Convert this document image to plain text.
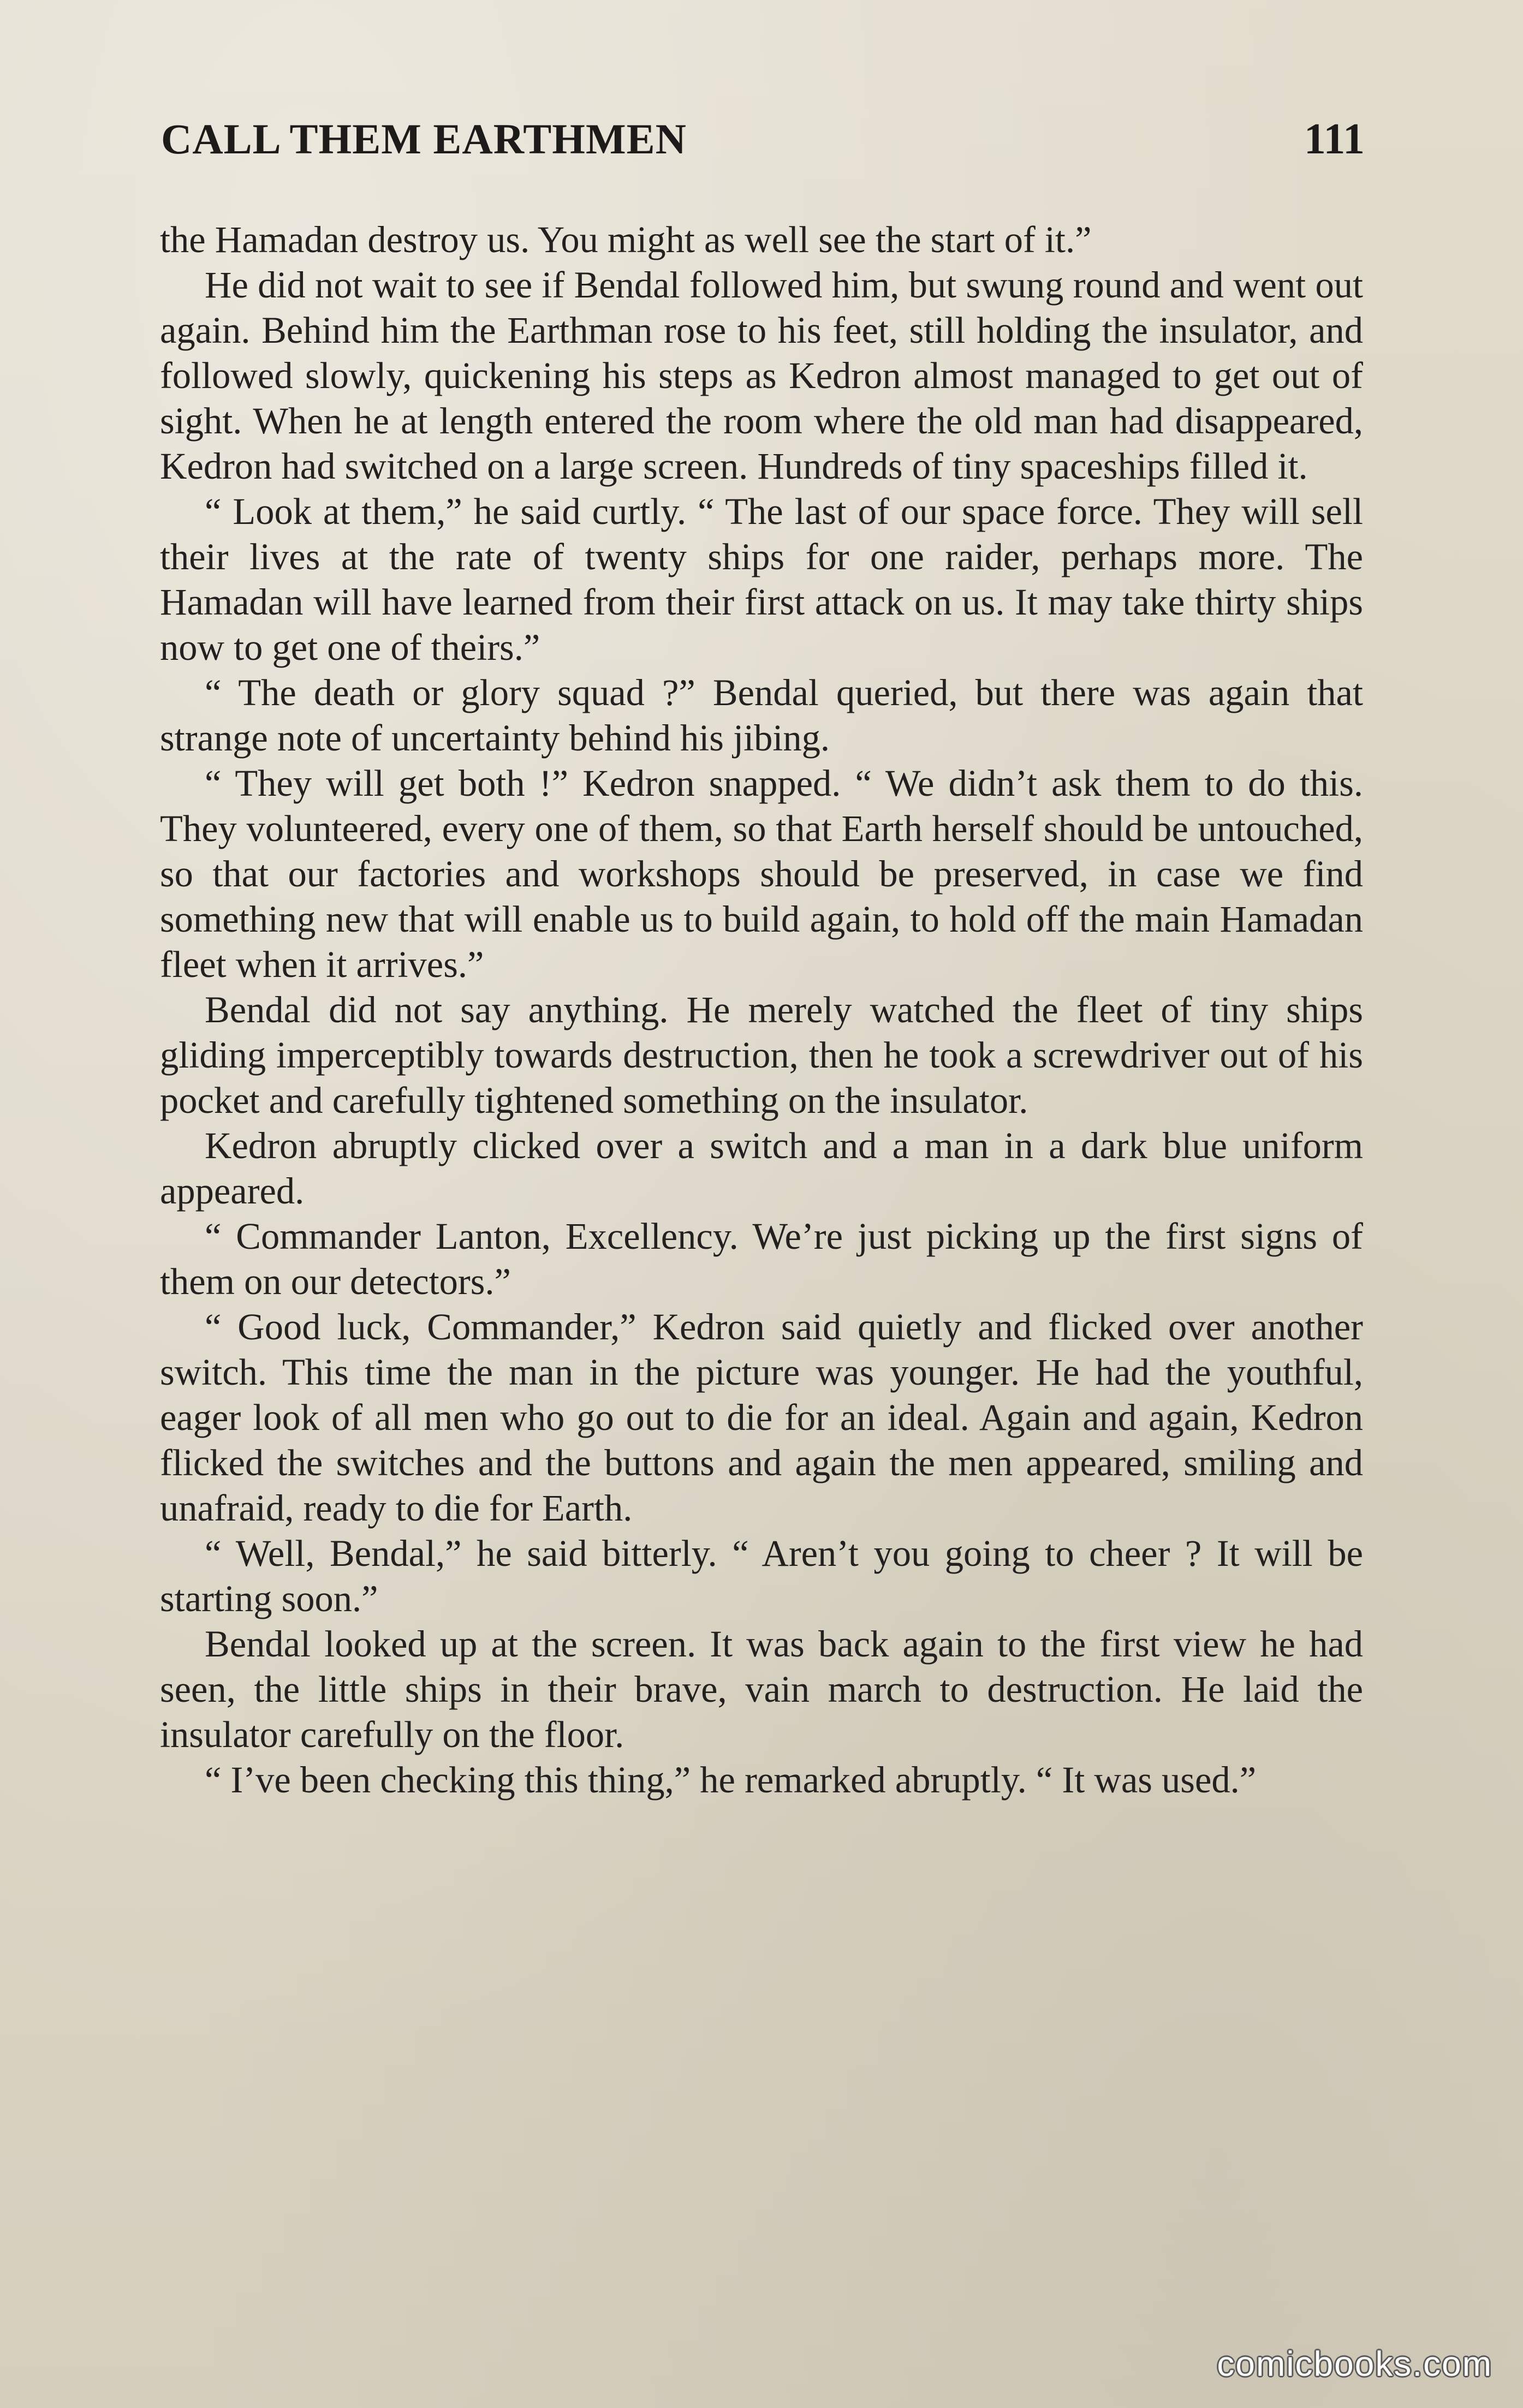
CALL THEM EARTHMEN	111

the Hamadan destroy us. You might as well see the start of it.”

He did not wait to see if Bendal followed him, but swung round and went out again. Behind him the Earthman rose to his feet, still holding the insulator, and followed slowly, quickening his steps as Kedron almost managed to get out of sight. When he at length entered the room where the old man had disappeared, Kedron had switched on a large screen. Hundreds of tiny spaceships filled it.

“ Look at them,” he said curtly. “ The last of our space force. They will sell their lives at the rate of twenty ships for one raider, perhaps more. The Hamadan will have learned from their first attack on us. It may take thirty ships now to get one of theirs.”

“ The death or glory squad ?” Bendal queried, but there was again that strange note of uncertainty behind his jibing.

“ They will get both !” Kedron snapped. “ We didn’t ask them to do this. They volunteered, every one of them, so that Earth herself should be untouched, so that our factories and workshops should be preserved, in case we find something new that will enable us to build again, to hold off the main Hamadan fleet when it arrives.”

Bendal did not say anything. He merely watched the fleet of tiny ships gliding imperceptibly towards destruction, then he took a screwdriver out of his pocket and carefully tightened something on the insulator.

Kedron abruptly clicked over a switch and a man in a dark blue uniform appeared.

“ Commander Lanton, Excellency. We’re just picking up the first signs of them on our detectors.”

“ Good luck, Commander,” Kedron said quietly and flicked over another switch. This time the man in the picture was younger. He had the youthful, eager look of all men who go out to die for an ideal. Again and again, Kedron flicked the switches and the buttons and again the men appeared, smiling and unafraid, ready to die for Earth.

“ Well, Bendal,” he said bitterly. “ Aren’t you going to cheer ? It will be starting soon.”

Bendal looked up at the screen. It was back again to the first view he had seen, the little ships in their brave, vain march to destruction. He laid the insulator carefully on the floor.

“ I’ve been checking this thing,” he remarked abruptly. “ It was used.”

comicbooks.com
